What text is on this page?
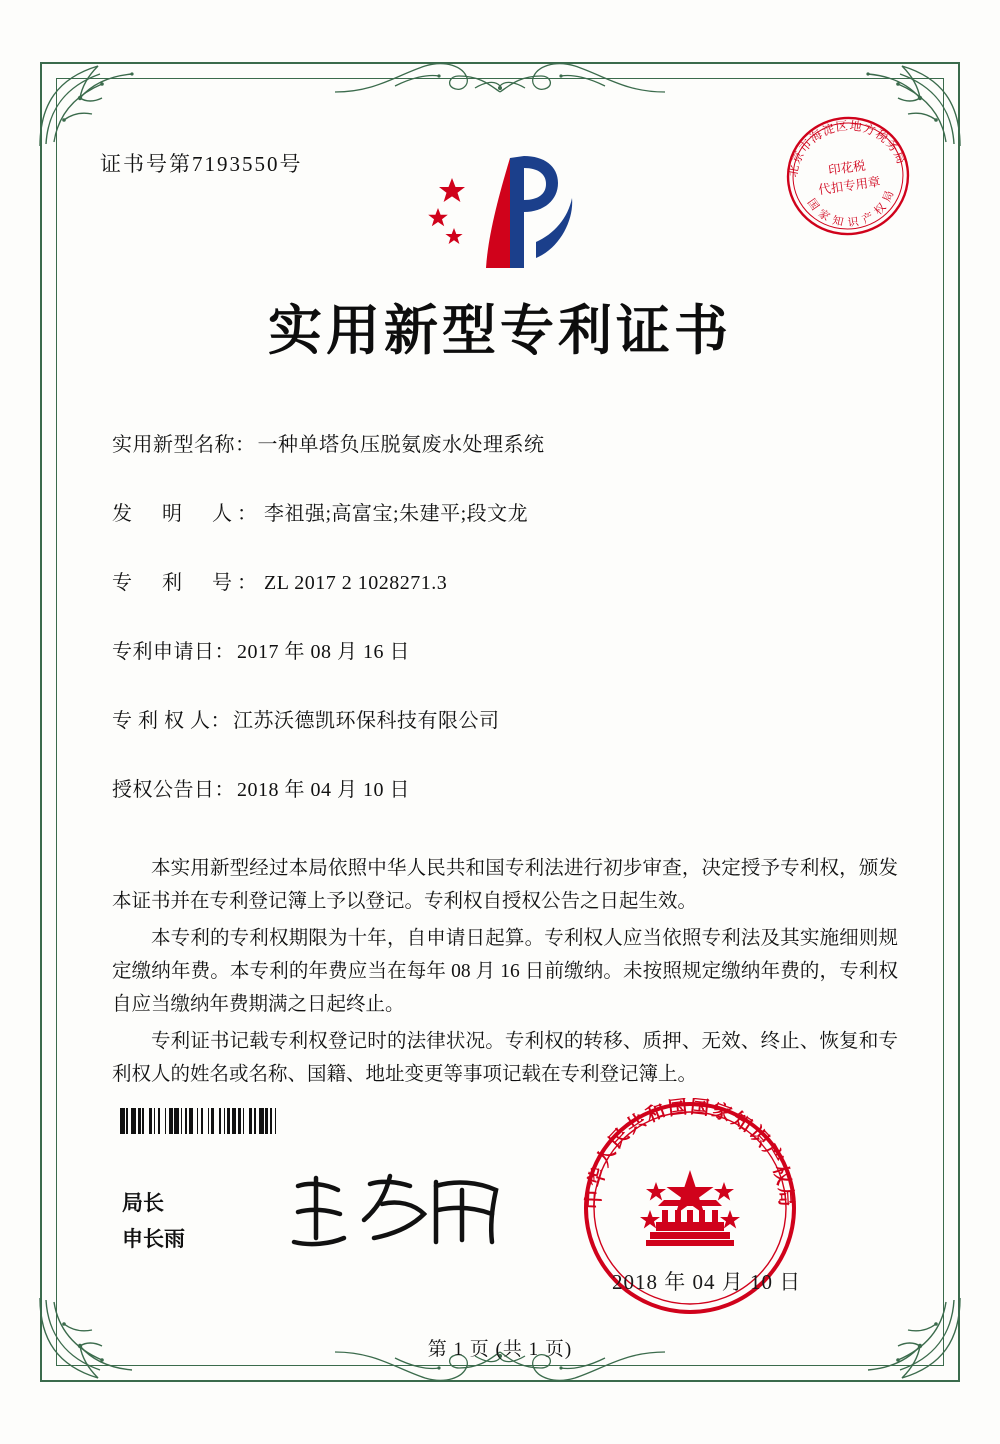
证书号第7193550号	北京市海淀区地方税务局
国 家 知 识 产 权 局
印花税
代扣专用章
实用新型专利证书
实用新型名称： 一种单塔负压脱氨废水处理系统
发　明　人： 李祖强;高富宝;朱建平;段文龙
专　利　号： ZL 2017 2 1028271.3
专利申请日： 2017 年 08 月 16 日
专 利 权 人： 江苏沃德凯环保科技有限公司
授权公告日： 2018 年 04 月 10 日

本实用新型经过本局依照中华人民共和国专利法进行初步审查，决定授予专利权，颁发本证书并在专利登记簿上予以登记。专利权自授权公告之日起生效。

本专利的专利权期限为十年，自申请日起算。专利权人应当依照专利法及其实施细则规定缴纳年费。本专利的年费应当在每年 08 月 16 日前缴纳。未按照规定缴纳年费的，专利权自应当缴纳年费期满之日起终止。

专利证书记载专利权登记时的法律状况。专利权的转移、质押、无效、终止、恢复和专利权人的姓名或名称、国籍、地址变更等事项记载在专利登记簿上。

局长
申长雨
中华人民共和国国家知识产权局
2018 年 04 月 10 日
第 1 页 (共 1 页)
